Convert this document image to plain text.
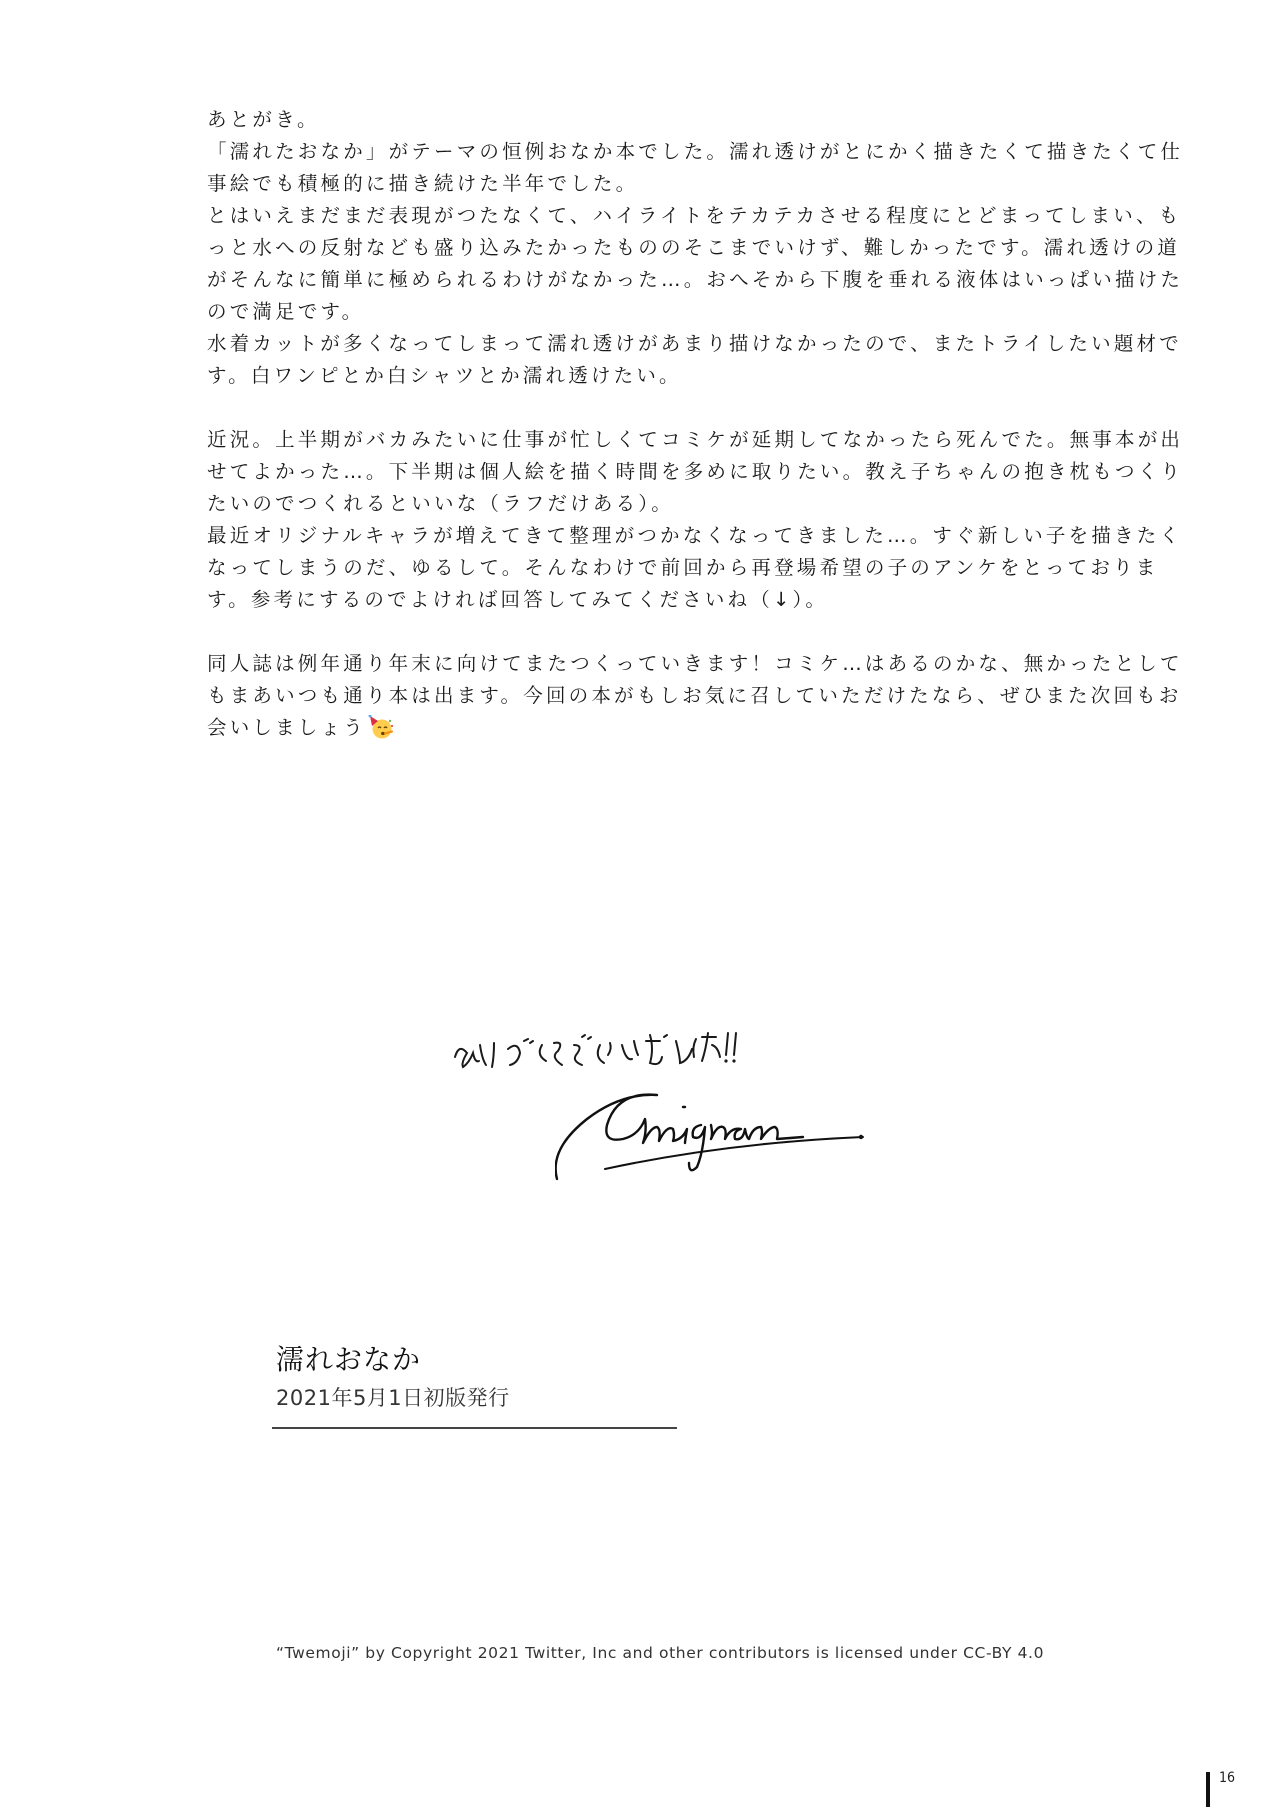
あとがき。

「濡れたおなか」がテーマの恒例おなか本でした。濡れ透けがとにかく描きたくて描きたくて仕事絵でも積極的に描き続けた半年でした。

とはいえまだまだ表現がつたなくて、ハイライトをテカテカさせる程度にとどまってしまい、もっと水への反射なども盛り込みたかったもののそこまでいけず、難しかったです。濡れ透けの道がそんなに簡単に極められるわけがなかった…。おへそから下腹を垂れる液体はいっぱい描けたので満足です。

水着カットが多くなってしまって濡れ透けがあまり描けなかったので、またトライしたい題材です。白ワンピとか白シャツとか濡れ透けたい。

近況。上半期がバカみたいに仕事が忙しくてコミケが延期してなかったら死んでた。無事本が出せてよかった…。下半期は個人絵を描く時間を多めに取りたい。教え子ちゃんの抱き枕もつくりたいのでつくれるといいな（ラフだけある）。

最近オリジナルキャラが増えてきて整理がつかなくなってきました…。すぐ新しい子を描きたくなってしまうのだ、ゆるして。そんなわけで前回から再登場希望の子のアンケをとっております。参考にするのでよければ回答してみてくださいね（↓）。

同人誌は例年通り年末に向けてまたつくっていきます！コミケ…はあるのかな、無かったとしてもまあいつも通り本は出ます。今回の本がもしお気に召していただけたなら、ぜひまた次回もお会いしましょう

濡れおなか
2021年5月1日初版発行
“Twemoji” by Copyright 2021 Twitter, Inc and other contributors is licensed under CC-BY 4.0
16
